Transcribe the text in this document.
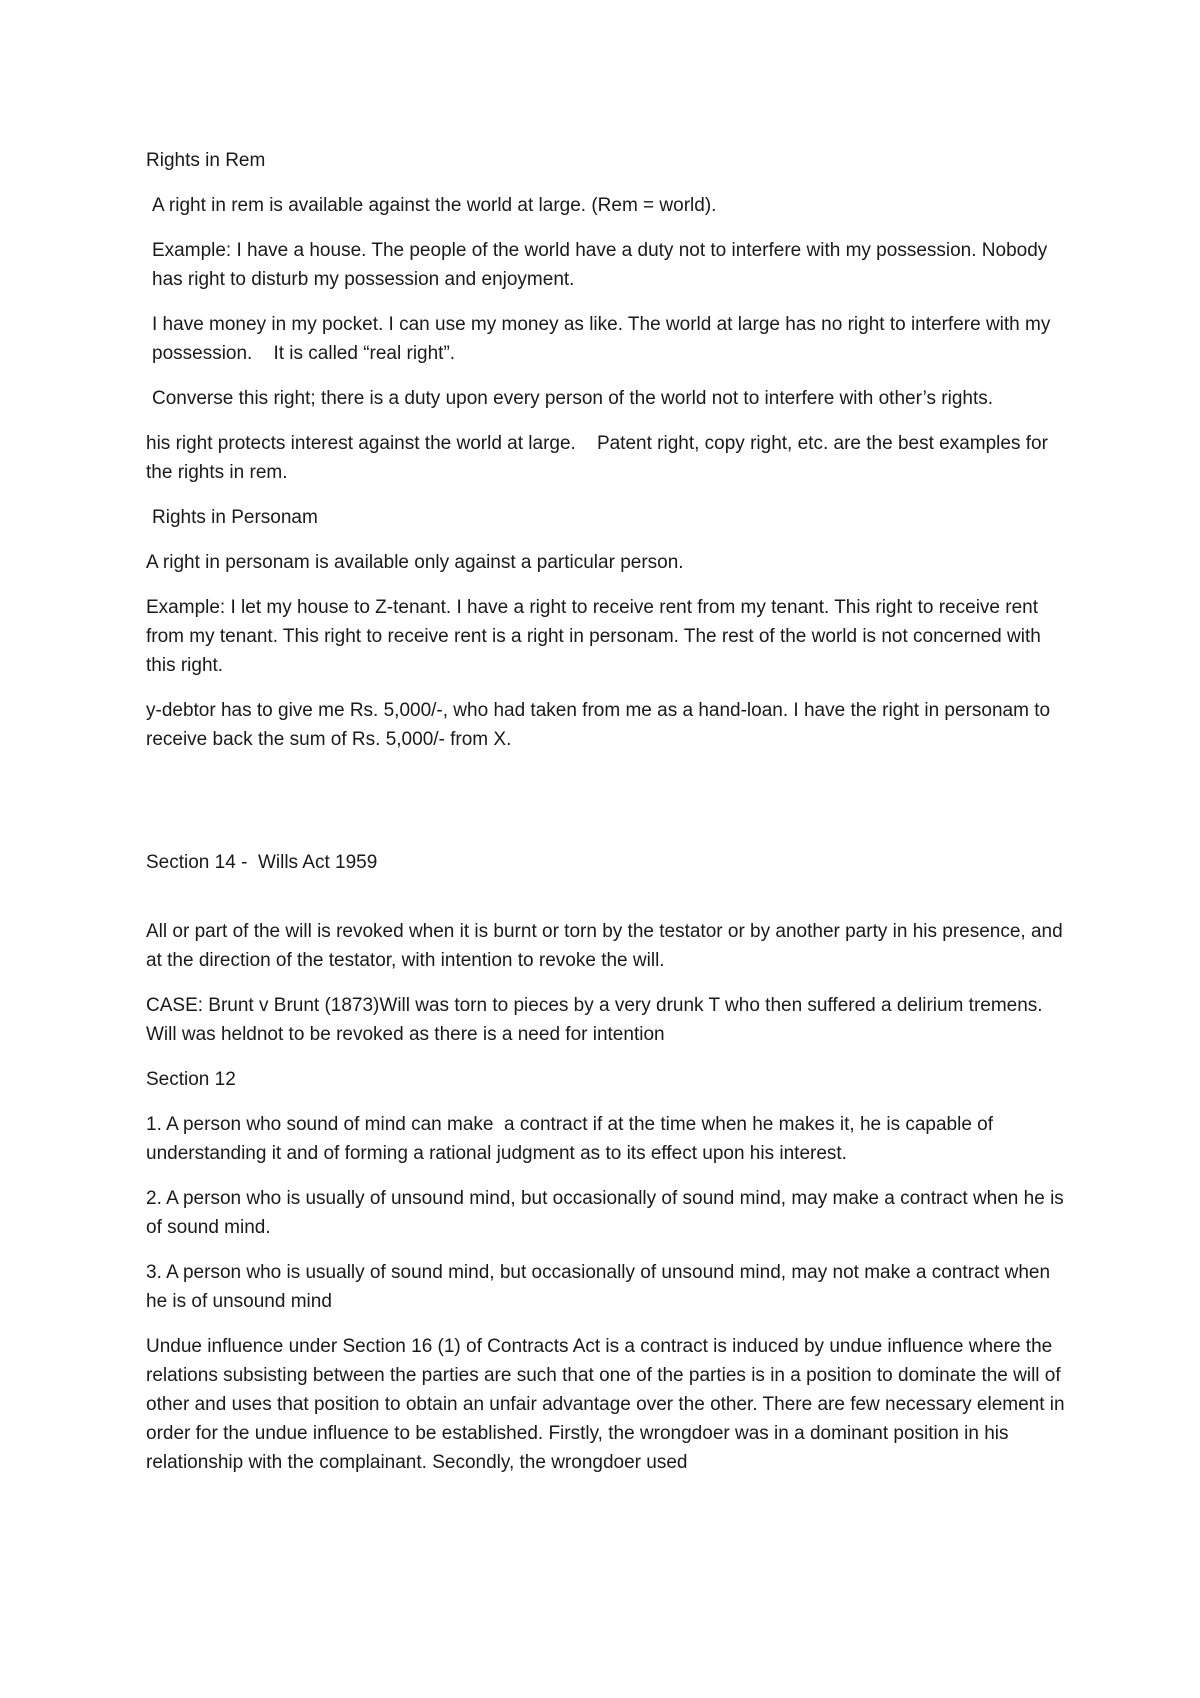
Rights in Rem

A right in rem is available against the world at large. (Rem = world).

Example: I have a house. The people of the world have a duty not to interfere with my possession. Nobody has right to disturb my possession and enjoyment.

I have money in my pocket. I can use my money as like. The world at large has no right to interfere with my possession.    It is called “real right”.

Converse this right; there is a duty upon every person of the world not to interfere with other’s rights.

his right protects interest against the world at large.    Patent right, copy right, etc. are the best examples for the rights in rem.

Rights in Personam

A right in personam is available only against a particular person.

Example: I let my house to Z-tenant. I have a right to receive rent from my tenant. This right to receive rent from my tenant. This right to receive rent is a right in personam. The rest of the world is not concerned with this right.

y-debtor has to give me Rs. 5,000/-, who had taken from me as a hand-loan. I have the right in personam to receive back the sum of Rs. 5,000/- from X.

Section 14 -  Wills Act 1959

All or part of the will is revoked when it is burnt or torn by the testator or by another party in his presence, and at the direction of the testator, with intention to revoke the will.

CASE: Brunt v Brunt (1873)Will was torn to pieces by a very drunk T who then suffered a delirium tremens. Will was heldnot to be revoked as there is a need for intention

Section 12

1. A person who sound of mind can make  a contract if at the time when he makes it, he is capable of understanding it and of forming a rational judgment as to its effect upon his interest.

2. A person who is usually of unsound mind, but occasionally of sound mind, may make a contract when he is of sound mind.

3. A person who is usually of sound mind, but occasionally of unsound mind, may not make a contract when he is of unsound mind

Undue influence under Section 16 (1) of Contracts Act is a contract is induced by undue influence where the relations subsisting between the parties are such that one of the parties is in a position to dominate the will of other and uses that position to obtain an unfair advantage over the other. There are few necessary element in order for the undue influence to be established. Firstly, the wrongdoer was in a dominant position in his relationship with the complainant. Secondly, the wrongdoer used
